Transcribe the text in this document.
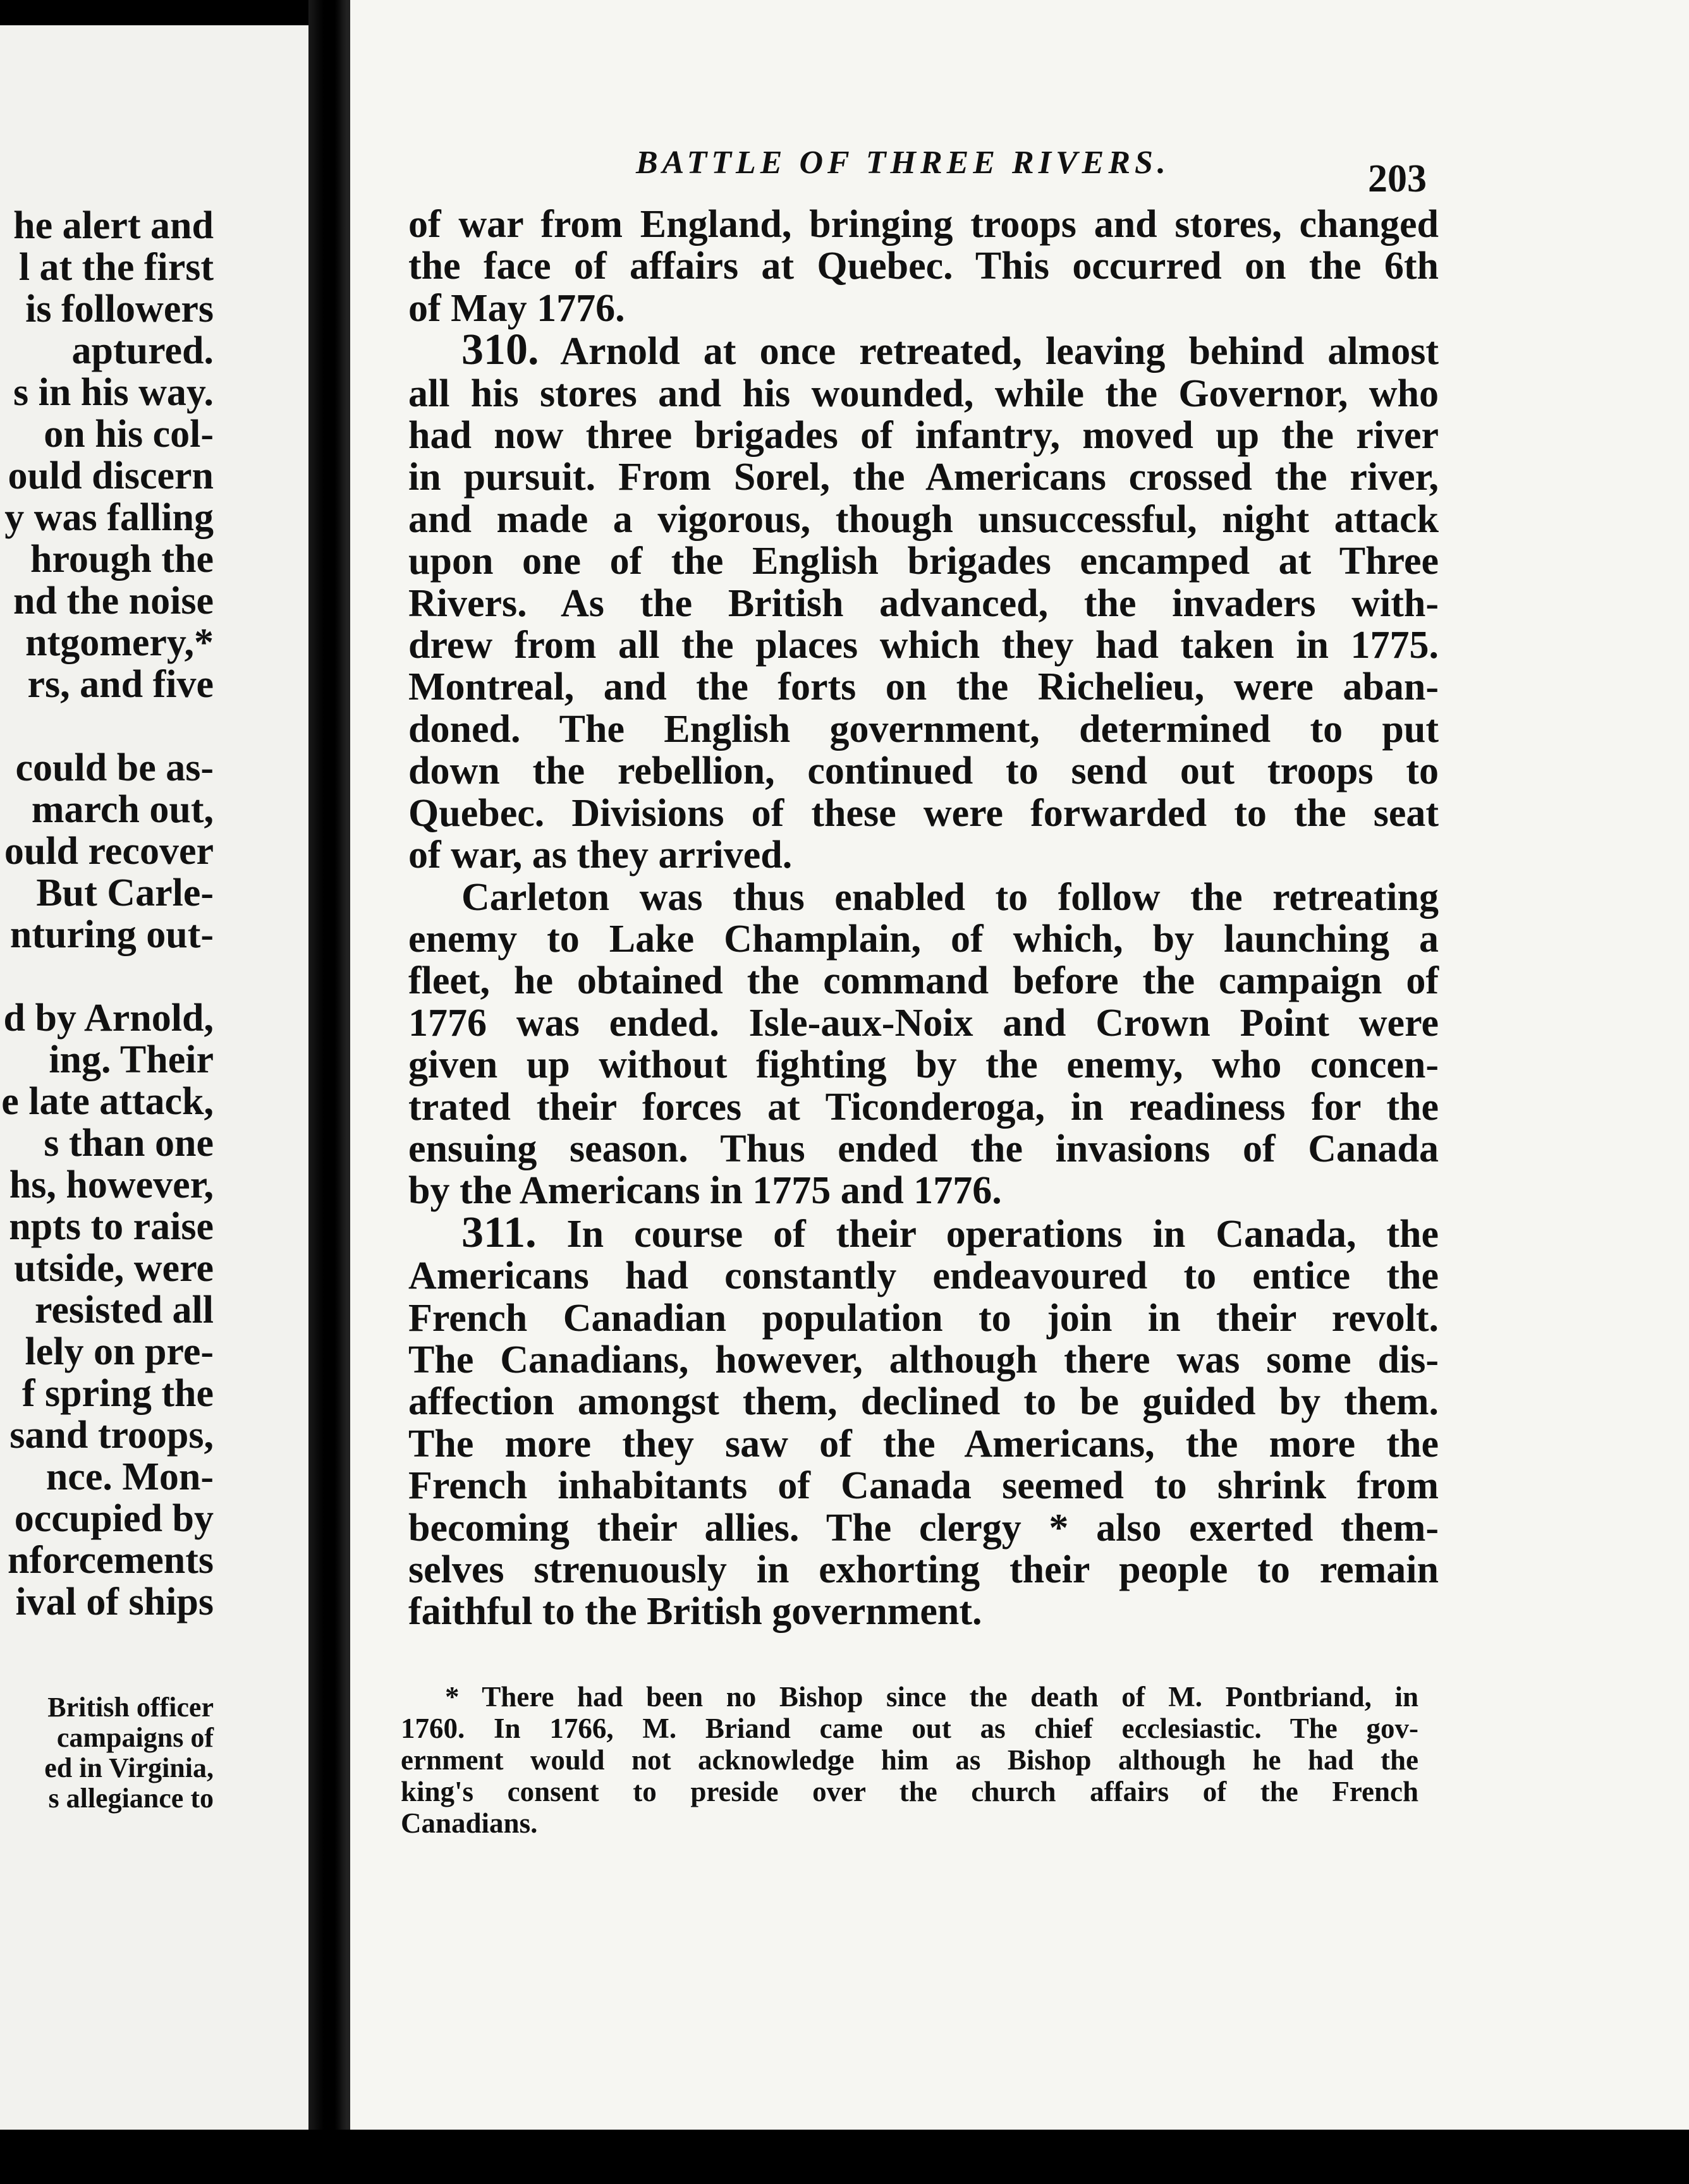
he alert and
l at the first
is followers
aptured.
s in his way.
on his col-
ould discern
y was falling
hrough the
nd the noise
ntgomery,*
rs, and five
could be as-
march out,
ould recover
But Carle-
nturing out-
d by Arnold,
ing. Their
e late attack,
s than one
hs, however,
npts to raise
utside, were
resisted all
lely on pre-
f spring the
sand troops,
nce. Mon-
occupied by
nforcements
ival of ships
British officer
campaigns of
ed in Virginia,
s allegiance to
BATTLE OF THREE RIVERS.	203
of war from England, bringing troops and stores, changed
the face of affairs at Quebec. This occurred on the 6th
of May 1776.
310. Arnold at once retreated, leaving behind almost
all his stores and his wounded, while the Governor, who
had now three brigades of infantry, moved up the river
in pursuit. From Sorel, the Americans crossed the river,
and made a vigorous, though unsuccessful, night attack
upon one of the English brigades encamped at Three
Rivers. As the British advanced, the invaders with-
drew from all the places which they had taken in 1775.
Montreal, and the forts on the Richelieu, were aban-
doned. The English government, determined to put
down the rebellion, continued to send out troops to
Quebec. Divisions of these were forwarded to the seat
of war, as they arrived.
Carleton was thus enabled to follow the retreating
enemy to Lake Champlain, of which, by launching a
fleet, he obtained the command before the campaign of
1776 was ended. Isle-aux-Noix and Crown Point were
given up without fighting by the enemy, who concen-
trated their forces at Ticonderoga, in readiness for the
ensuing season. Thus ended the invasions of Canada
by the Americans in 1775 and 1776.
311. In course of their operations in Canada, the
Americans had constantly endeavoured to entice the
French Canadian population to join in their revolt.
The Canadians, however, although there was some dis-
affection amongst them, declined to be guided by them.
The more they saw of the Americans, the more the
French inhabitants of Canada seemed to shrink from
becoming their allies. The clergy * also exerted them-
selves strenuously in exhorting their people to remain
faithful to the British government.
* There had been no Bishop since the death of M. Pontbriand, in
1760. In 1766, M. Briand came out as chief ecclesiastic. The gov-
ernment would not acknowledge him as Bishop although he had the
king's consent to preside over the church affairs of the French
Canadians.
